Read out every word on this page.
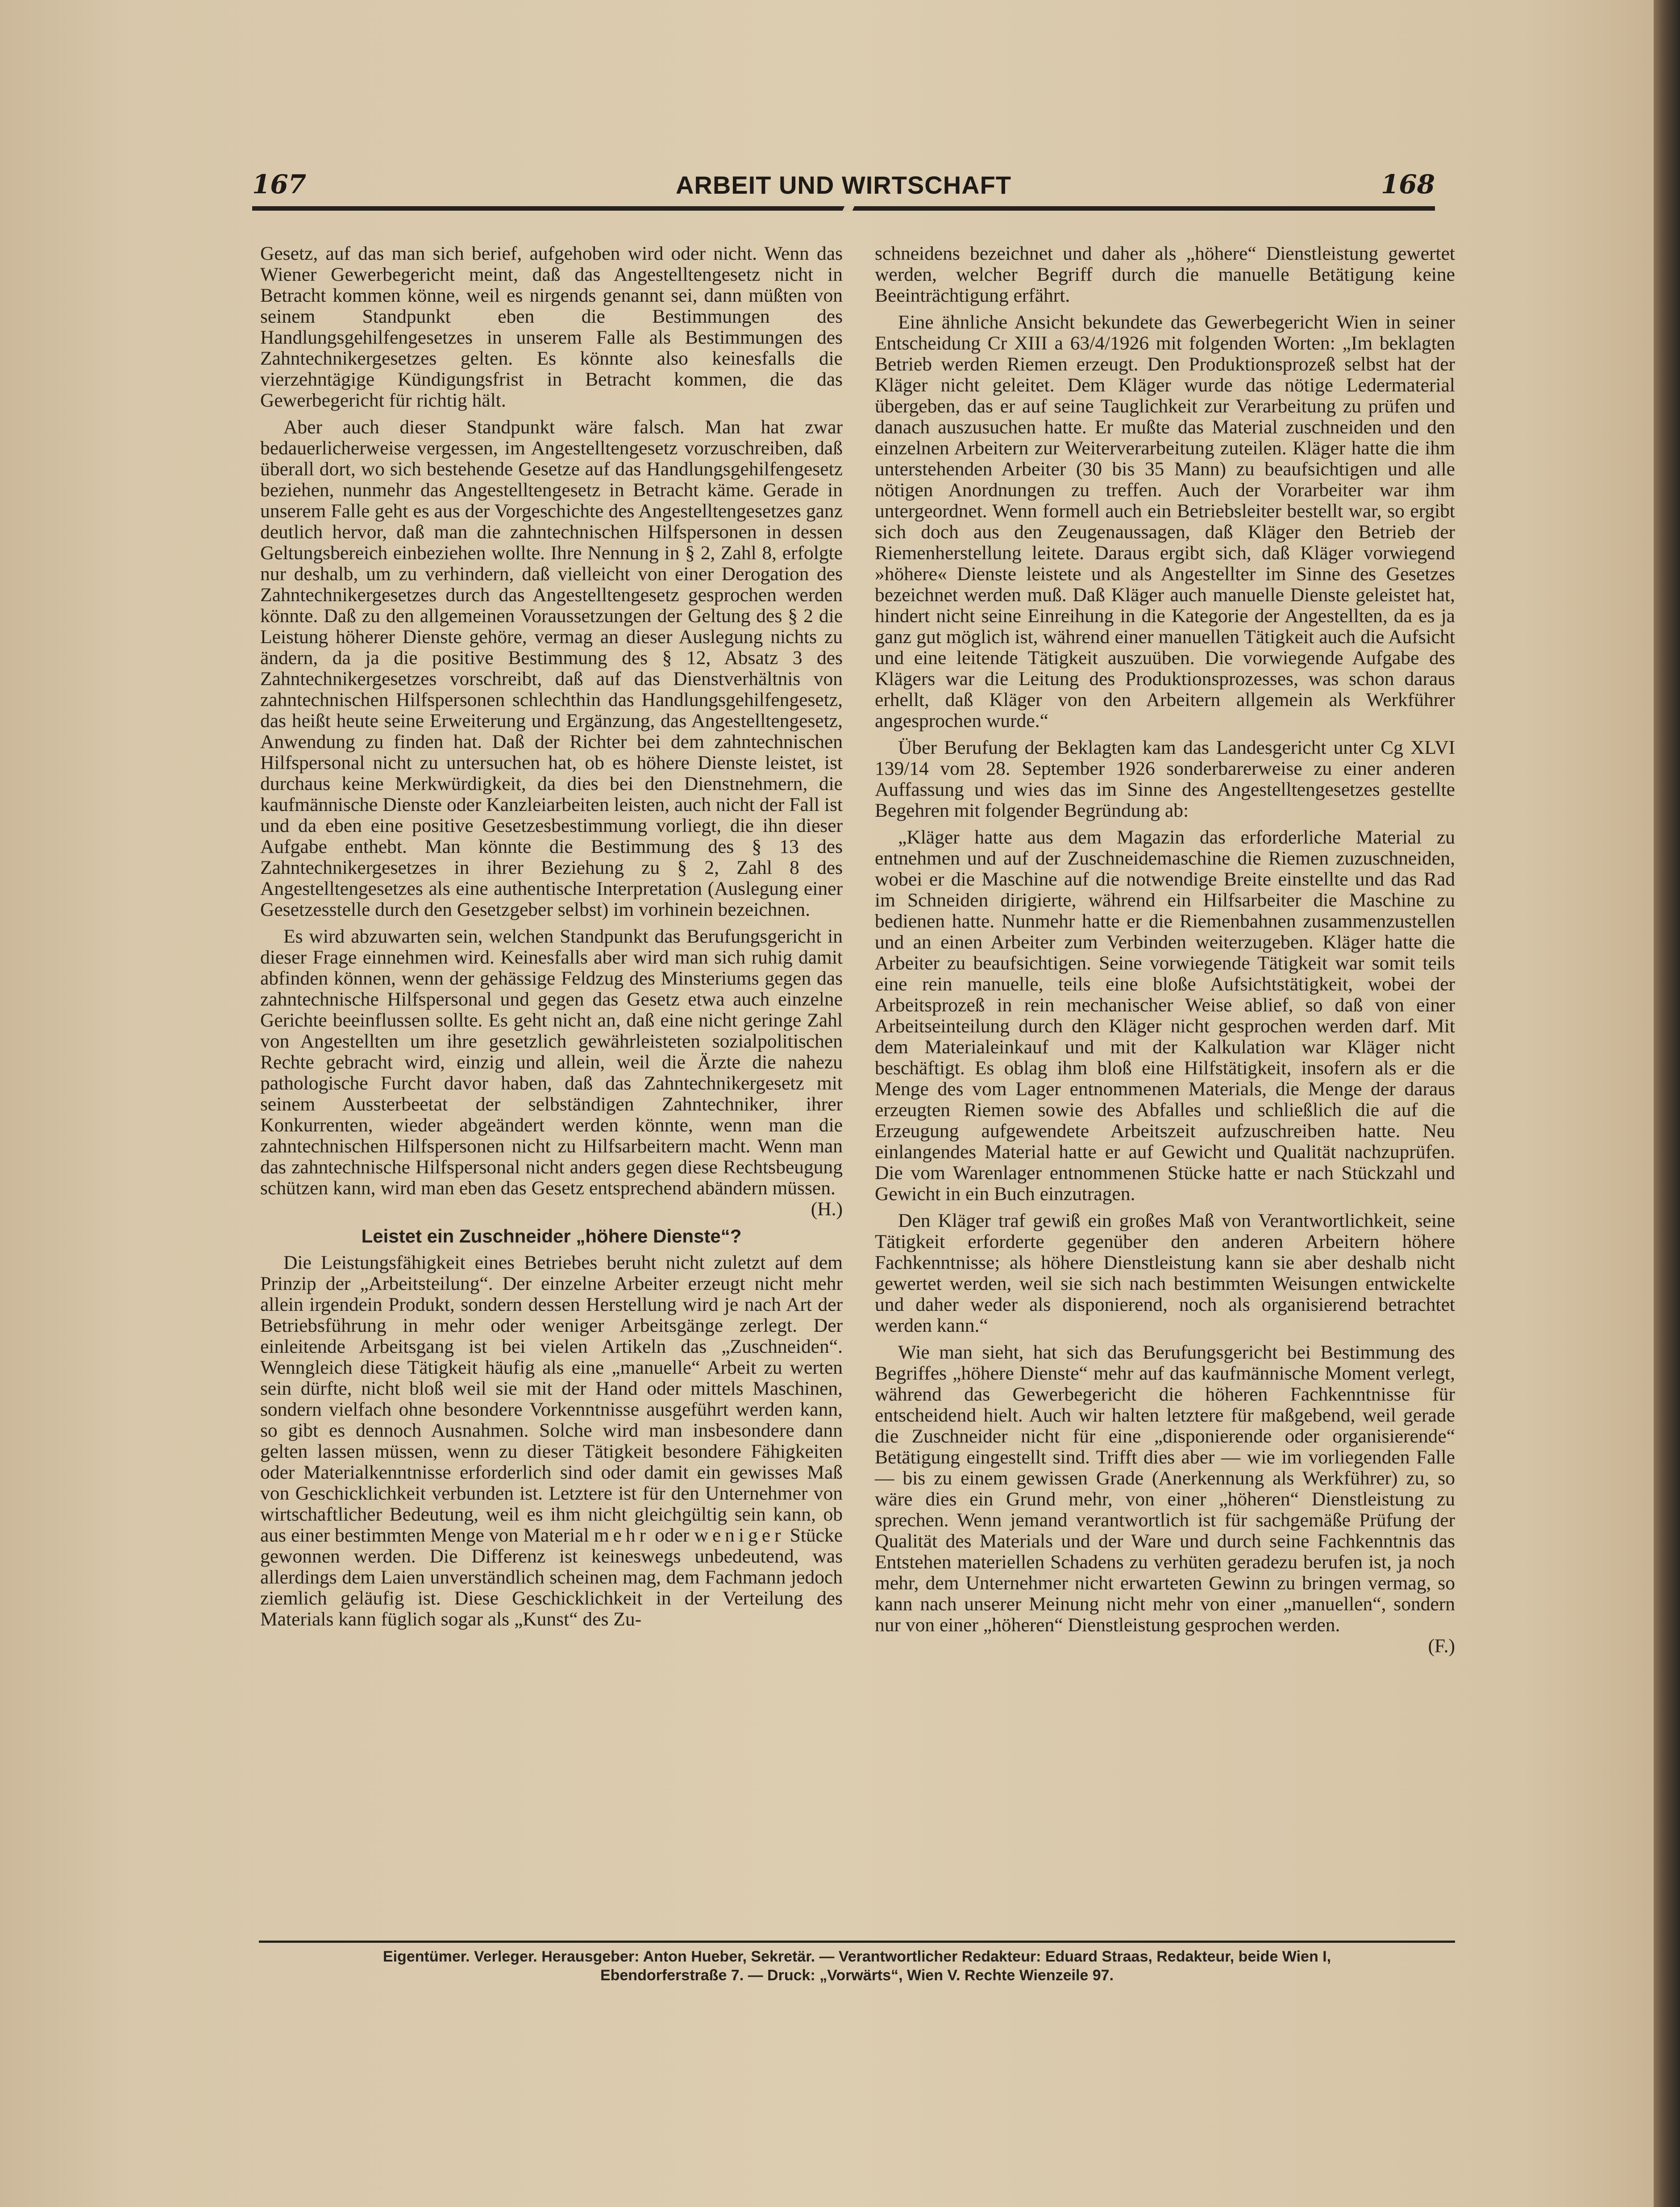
167	ARBEIT UND WIRTSCHAFT	168

Gesetz, auf das man sich berief, aufgehoben wird oder nicht. Wenn das Wiener Gewerbegericht meint, daß das Angestelltengesetz nicht in Betracht kommen könne, weil es nirgends genannt sei, dann müßten von seinem Standpunkt eben die Bestimmungen des Handlungsgehilfengesetzes in unserem Falle als Bestimmungen des Zahntechnikergesetzes gelten. Es könnte also keinesfalls die vierzehntägige Kündigungsfrist in Betracht kommen, die das Gewerbegericht für richtig hält.

Aber auch dieser Standpunkt wäre falsch. Man hat zwar bedauerlicherweise vergessen, im Angestelltengesetz vorzuschreiben, daß überall dort, wo sich bestehende Gesetze auf das Handlungsgehilfengesetz beziehen, nunmehr das Angestelltengesetz in Betracht käme. Gerade in unserem Falle geht es aus der Vorgeschichte des Angestelltengesetzes ganz deutlich hervor, daß man die zahntechnischen Hilfspersonen in dessen Geltungsbereich einbeziehen wollte. Ihre Nennung in § 2, Zahl 8, erfolgte nur deshalb, um zu verhindern, daß vielleicht von einer Derogation des Zahntechnikergesetzes durch das Angestelltengesetz gesprochen werden könnte. Daß zu den allgemeinen Voraussetzungen der Geltung des § 2 die Leistung höherer Dienste gehöre, vermag an dieser Auslegung nichts zu ändern, da ja die positive Bestimmung des § 12, Absatz 3 des Zahntechnikergesetzes vorschreibt, daß auf das Dienstverhältnis von zahntechnischen Hilfspersonen schlechthin das Handlungsgehilfengesetz, das heißt heute seine Erweiterung und Ergänzung, das Angestelltengesetz, Anwendung zu finden hat. Daß der Richter bei dem zahntechnischen Hilfspersonal nicht zu untersuchen hat, ob es höhere Dienste leistet, ist durchaus keine Merkwürdigkeit, da dies bei den Dienstnehmern, die kaufmännische Dienste oder Kanzleiarbeiten leisten, auch nicht der Fall ist und da eben eine positive Gesetzesbestimmung vorliegt, die ihn dieser Aufgabe enthebt. Man könnte die Bestimmung des § 13 des Zahntechnikergesetzes in ihrer Beziehung zu § 2, Zahl 8 des Angestelltengesetzes als eine authentische Interpretation (Auslegung einer Gesetzesstelle durch den Gesetzgeber selbst) im vorhinein bezeichnen.

Es wird abzuwarten sein, welchen Standpunkt das Berufungsgericht in dieser Frage einnehmen wird. Keinesfalls aber wird man sich ruhig damit abfinden können, wenn der gehässige Feldzug des Minsteriums gegen das zahntechnische Hilfspersonal und gegen das Gesetz etwa auch einzelne Gerichte beeinflussen sollte. Es geht nicht an, daß eine nicht geringe Zahl von Angestellten um ihre gesetzlich gewährleisteten sozialpolitischen Rechte gebracht wird, einzig und allein, weil die Ärzte die nahezu pathologische Furcht davor haben, daß das Zahntechnikergesetz mit seinem Aussterbeetat der selbständigen Zahntechniker, ihrer Konkurrenten, wieder abgeändert werden könnte, wenn man die zahntechnischen Hilfspersonen nicht zu Hilfsarbeitern macht. Wenn man das zahntechnische Hilfspersonal nicht anders gegen diese Rechtsbeugung schützen kann, wird man eben das Gesetz entsprechend abändern müssen.
(H.)

Leistet ein Zuschneider „höhere Dienste“?

Die Leistungsfähigkeit eines Betriebes beruht nicht zuletzt auf dem Prinzip der „Arbeitsteilung“. Der einzelne Arbeiter erzeugt nicht mehr allein irgendein Produkt, sondern dessen Herstellung wird je nach Art der Betriebsführung in mehr oder weniger Arbeitsgänge zerlegt. Der einleitende Arbeitsgang ist bei vielen Artikeln das „Zuschneiden“. Wenngleich diese Tätigkeit häufig als eine „manuelle“ Arbeit zu werten sein dürfte, nicht bloß weil sie mit der Hand oder mittels Maschinen, sondern vielfach ohne besondere Vorkenntnisse ausgeführt werden kann, so gibt es dennoch Ausnahmen. Solche wird man insbesondere dann gelten lassen müssen, wenn zu dieser Tätigkeit besondere Fähigkeiten oder Materialkenntnisse erforderlich sind oder damit ein gewisses Maß von Geschicklichkeit verbunden ist. Letztere ist für den Unternehmer von wirtschaftlicher Bedeutung, weil es ihm nicht gleichgültig sein kann, ob aus einer bestimmten Menge von Material mehr oder weniger Stücke gewonnen werden. Die Differenz ist keineswegs unbedeutend, was allerdings dem Laien unverständlich scheinen mag, dem Fachmann jedoch ziemlich geläufig ist. Diese Geschicklichkeit in der Verteilung des Materials kann füglich sogar als „Kunst“ des Zu-

schneidens bezeichnet und daher als „höhere“ Dienstleistung gewertet werden, welcher Begriff durch die manuelle Betätigung keine Beeinträchtigung erfährt.

Eine ähnliche Ansicht bekundete das Gewerbegericht Wien in seiner Entscheidung Cr XIII a 63/4/1926 mit folgenden Worten: „Im beklagten Betrieb werden Riemen erzeugt. Den Produktionsprozeß selbst hat der Kläger nicht geleitet. Dem Kläger wurde das nötige Ledermaterial übergeben, das er auf seine Tauglichkeit zur Verarbeitung zu prüfen und danach auszusuchen hatte. Er mußte das Material zuschneiden und den einzelnen Arbeitern zur Weiterverarbeitung zuteilen. Kläger hatte die ihm unterstehenden Arbeiter (30 bis 35 Mann) zu beaufsichtigen und alle nötigen Anordnungen zu treffen. Auch der Vorarbeiter war ihm untergeordnet. Wenn formell auch ein Betriebsleiter bestellt war, so ergibt sich doch aus den Zeugenaussagen, daß Kläger den Betrieb der Riemenherstellung leitete. Daraus ergibt sich, daß Kläger vorwiegend »höhere« Dienste leistete und als Angestellter im Sinne des Gesetzes bezeichnet werden muß. Daß Kläger auch manuelle Dienste geleistet hat, hindert nicht seine Einreihung in die Kategorie der Angestellten, da es ja ganz gut möglich ist, während einer manuellen Tätigkeit auch die Aufsicht und eine leitende Tätigkeit auszuüben. Die vorwiegende Aufgabe des Klägers war die Leitung des Produktionsprozesses, was schon daraus erhellt, daß Kläger von den Arbeitern allgemein als Werkführer angesprochen wurde.“

Über Berufung der Beklagten kam das Landesgericht unter Cg XLVI 139/14 vom 28. September 1926 sonderbarerweise zu einer anderen Auffassung und wies das im Sinne des Angestelltengesetzes gestellte Begehren mit folgender Begründung ab:

„Kläger hatte aus dem Magazin das erforderliche Material zu entnehmen und auf der Zuschneidemaschine die Riemen zuzuschneiden, wobei er die Maschine auf die notwendige Breite einstellte und das Rad im Schneiden dirigierte, während ein Hilfsarbeiter die Maschine zu bedienen hatte. Nunmehr hatte er die Riemenbahnen zusammenzustellen und an einen Arbeiter zum Verbinden weiterzugeben. Kläger hatte die Arbeiter zu beaufsichtigen. Seine vorwiegende Tätigkeit war somit teils eine rein manuelle, teils eine bloße Aufsichtstätigkeit, wobei der Arbeitsprozeß in rein mechanischer Weise ablief, so daß von einer Arbeitseinteilung durch den Kläger nicht gesprochen werden darf. Mit dem Materialeinkauf und mit der Kalkulation war Kläger nicht beschäftigt. Es oblag ihm bloß eine Hilfstätigkeit, insofern als er die Menge des vom Lager entnommenen Materials, die Menge der daraus erzeugten Riemen sowie des Abfalles und schließlich die auf die Erzeugung aufgewendete Arbeitszeit aufzuschreiben hatte. Neu einlangendes Material hatte er auf Gewicht und Qualität nachzuprüfen. Die vom Warenlager entnommenen Stücke hatte er nach Stückzahl und Gewicht in ein Buch einzutragen.

Den Kläger traf gewiß ein großes Maß von Verantwortlichkeit, seine Tätigkeit erforderte gegenüber den anderen Arbeitern höhere Fachkenntnisse; als höhere Dienstleistung kann sie aber deshalb nicht gewertet werden, weil sie sich nach bestimmten Weisungen entwickelte und daher weder als disponierend, noch als organisierend betrachtet werden kann.“

Wie man sieht, hat sich das Berufungsgericht bei Bestimmung des Begriffes „höhere Dienste“ mehr auf das kaufmännische Moment verlegt, während das Gewerbegericht die höheren Fachkenntnisse für entscheidend hielt. Auch wir halten letztere für maßgebend, weil gerade die Zuschneider nicht für eine „disponierende oder organisierende“ Betätigung eingestellt sind. Trifft dies aber — wie im vorliegenden Falle — bis zu einem gewissen Grade (Anerkennung als Werkführer) zu, so wäre dies ein Grund mehr, von einer „höheren“ Dienstleistung zu sprechen. Wenn jemand verantwortlich ist für sachgemäße Prüfung der Qualität des Materials und der Ware und durch seine Fachkenntnis das Entstehen materiellen Schadens zu verhüten geradezu berufen ist, ja noch mehr, dem Unternehmer nicht erwarteten Gewinn zu bringen vermag, so kann nach unserer Meinung nicht mehr von einer „manuellen“, sondern nur von einer „höheren“ Dienstleistung gesprochen werden.
(F.)

Eigentümer. Verleger. Herausgeber: Anton Hueber, Sekretär. — Verantwortlicher Redakteur: Eduard Straas, Redakteur, beide Wien I,
Ebendorferstraße 7. — Druck: „Vorwärts“, Wien V. Rechte Wienzeile 97.
